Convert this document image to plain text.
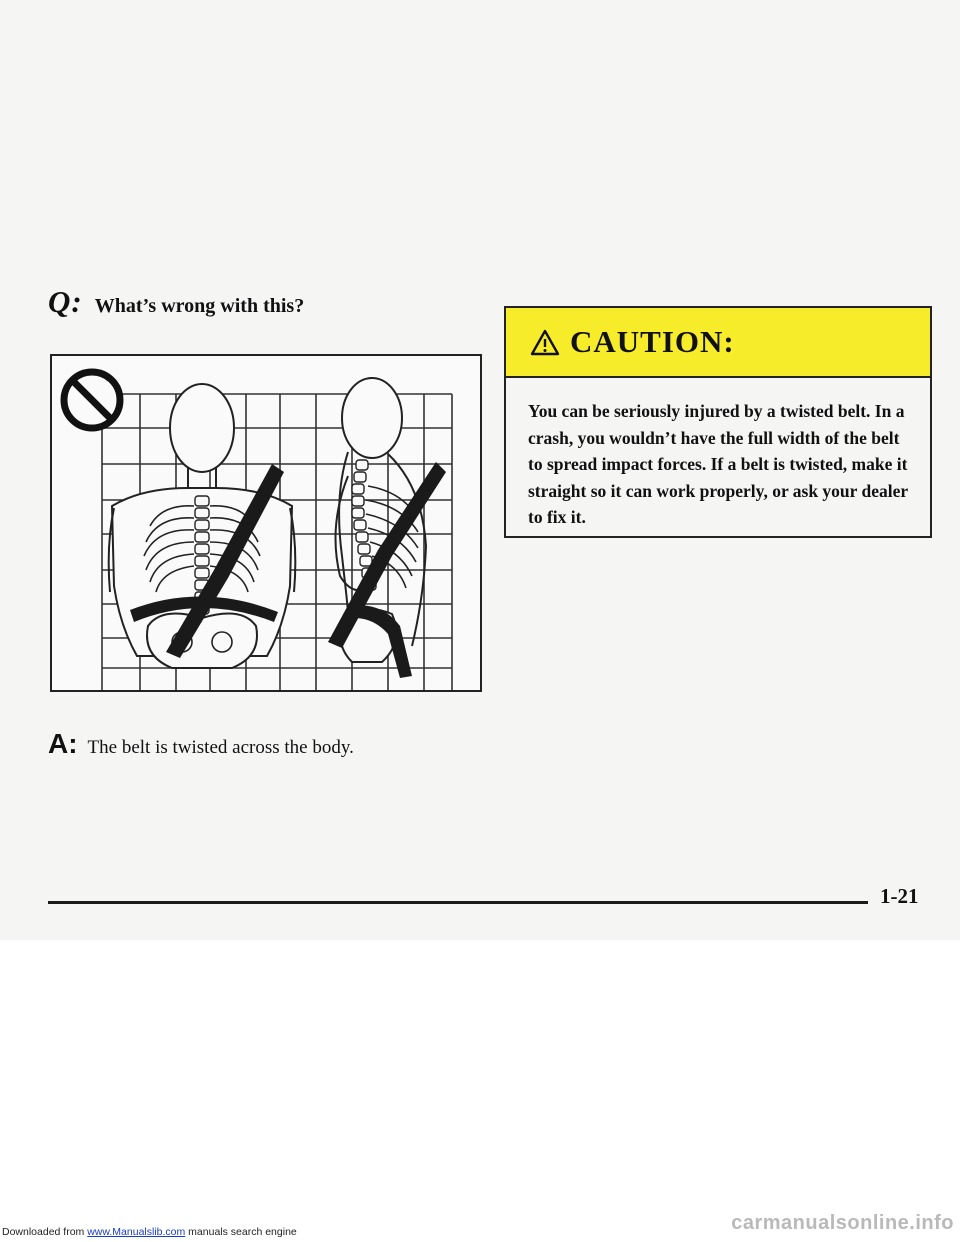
Q: What’s wrong with this?
A: The belt is twisted across the body.
CAUTION:
You can be seriously injured by a twisted belt. In a crash, you wouldn’t have the full width of the belt to spread impact forces. If a belt is twisted, make it straight so it can work properly, or ask your dealer to fix it.
1-21
Downloaded from www.Manualslib.com manuals search engine	carmanualsonline.info
